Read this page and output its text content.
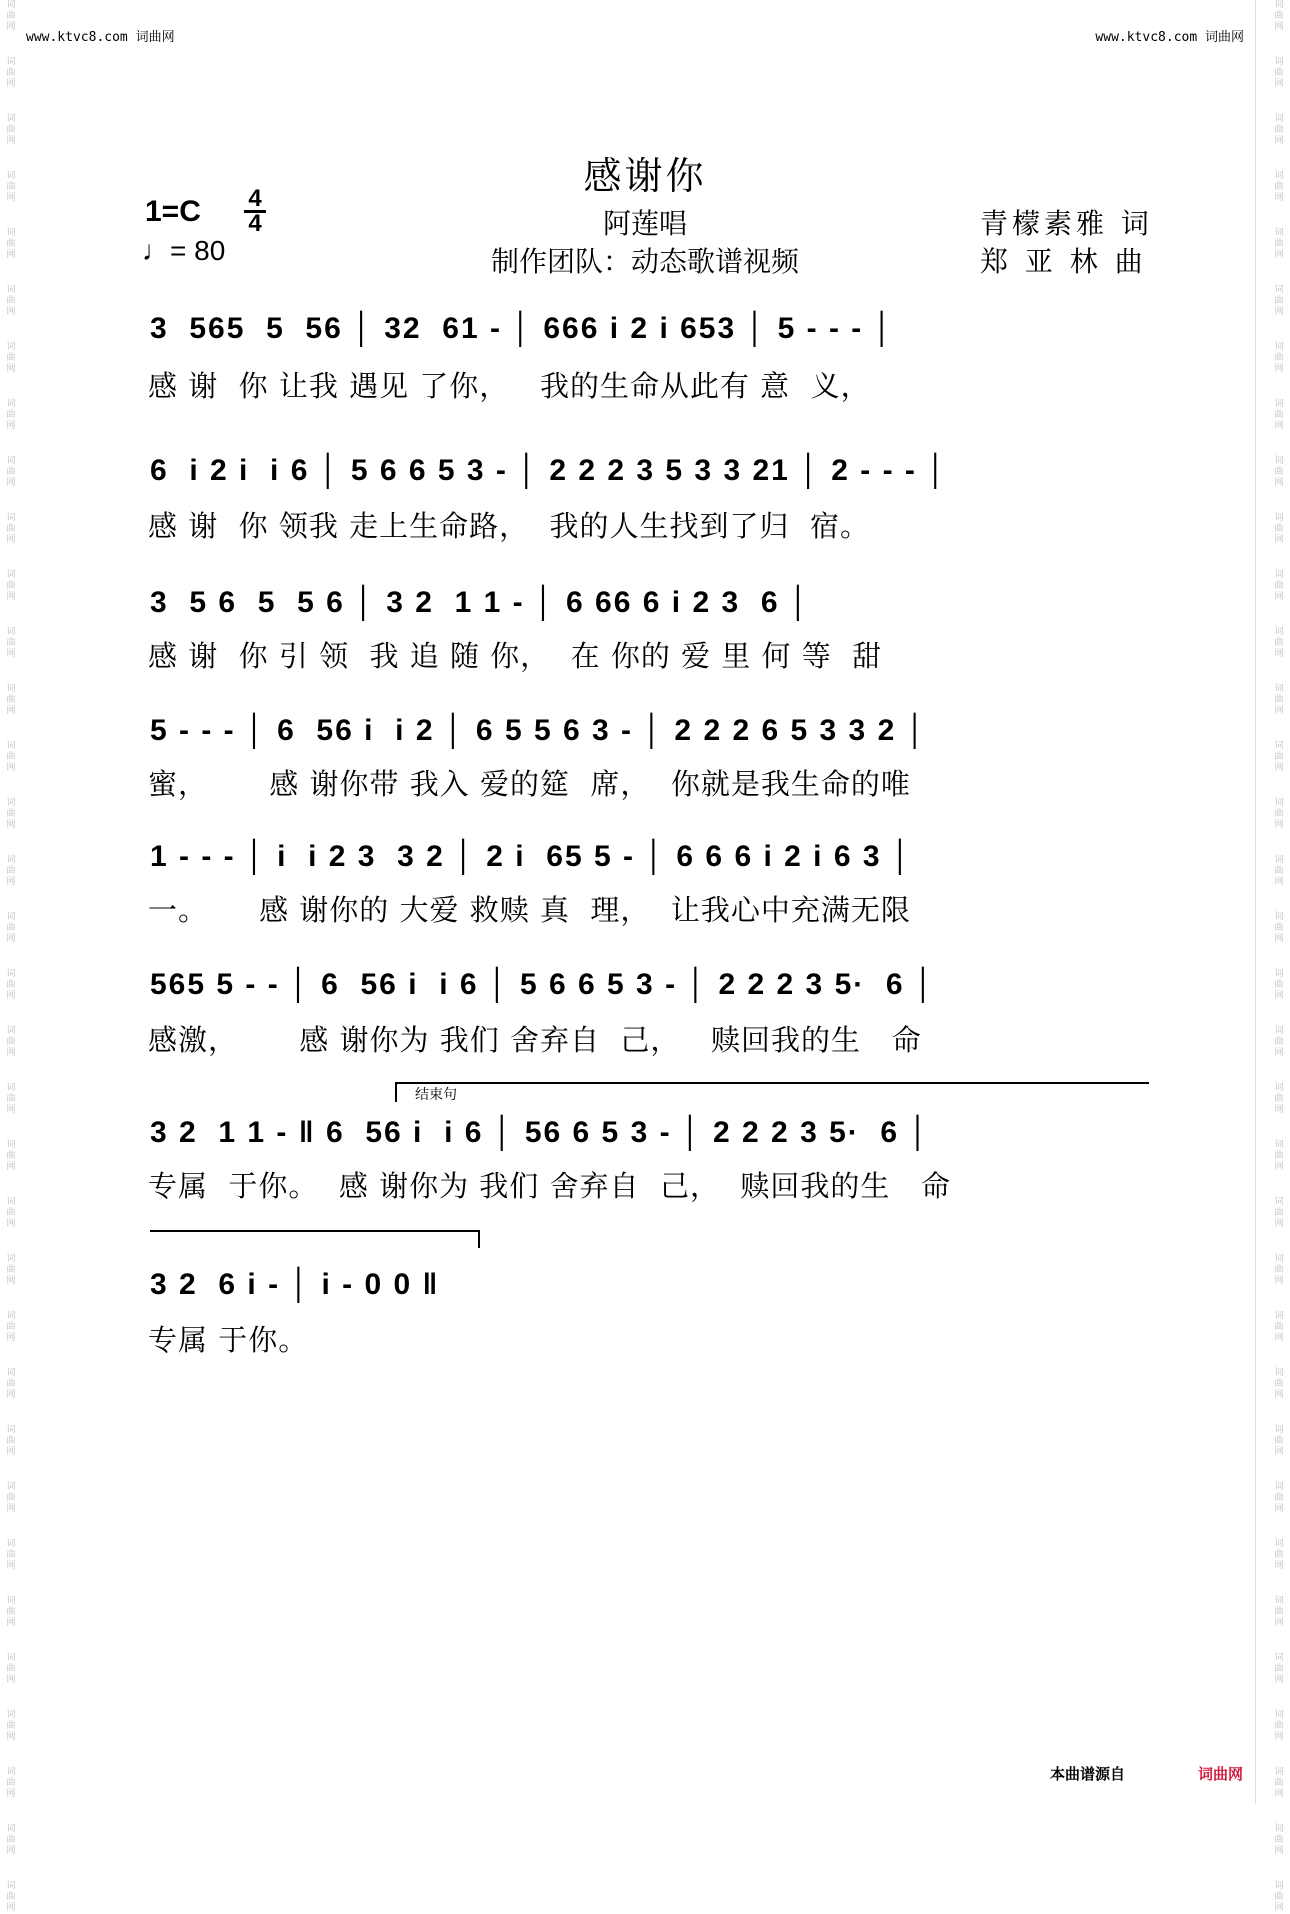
词
曲
网
词
曲
网
词
曲
网
词
曲
网
词
曲
网
词
曲
网
词
曲
网
词
曲
网
词
曲
网
词
曲
网
词
曲
网
词
曲
网
词
曲
网
词
曲
网
词
曲
网
词
曲
网
词
曲
网
词
曲
网
词
曲
网
词
曲
网
词
曲
网
词
曲
网
词
曲
网
词
曲
网
词
曲
网
词
曲
网
词
曲
网
词
曲
网
词
曲
网
词
曲
网
词
曲
网
词
曲
网
词
曲
网
词
曲
网
词
曲
网
词
曲
网
词
曲
网
词
曲
网
词
曲
网
词
曲
网
词
曲
网
词
曲
网
词
曲
网
词
曲
网
词
曲
网
词
曲
网
词
曲
网
词
曲
网
词
曲
网
词
曲
网
词
曲
网
词
曲
网
词
曲
网
词
曲
网
词
曲
网
词
曲
网
词
曲
网
词
曲
网
词
曲
网
词
曲
网
词
曲
网
词
曲
网
词
曲
网
词
曲
网
词
曲
网
词
曲
网
词
曲
网
词
曲
网
www.ktvc8.com 词曲网	www.ktvc8.com 词曲网
感谢你
1=C 4
4
♩= 80
阿莲唱
制作团队：动态歌谱视频
青檬素雅 词
郑 亚 林 曲
3  565  5  56 │ 32  61 - │ 666 i 2 i 653 │ 5 - - - │
感 谢  你 让我 遇见 了你，   我的生命从此有 意  义，
6  i 2 i  i 6 │ 5 6 6 5 3 - │ 2 2 2 3 5 3 3 21 │ 2 - - - │
感 谢  你 领我 走上生命路，  我的人生找到了归  宿。
3  5 6  5  5 6 │ 3 2  1 1 - │ 6 66 6 i 2 3  6 │
感 谢  你 引 领  我 追 随 你，  在 你的 爱 里 何 等  甜
5 - - - │ 6  56 i  i 2 │ 6 5 5 6 3 - │ 2 2 2 6 5 3 3 2 │
蜜，      感 谢你带 我入 爱的筵  席，  你就是我生命的唯
1 - - - │ i  i 2 3  3 2 │ 2 i  65 5 - │ 6 6 6 i 2 i 6 3 │
一。     感 谢你的 大爱 救赎 真  理，  让我心中充满无限
565 5 - - │ 6  56 i  i 6 │ 5 6 6 5 3 - │ 2 2 2 3 5·  6 │
感激，      感 谢你为 我们 舍弃自  己，   赎回我的生   命
结束句
3 2  1 1 - ‖ 6  56 i  i 6 │ 56 6 5 3 - │ 2 2 2 3 5·  6 │
专属  于你。  感 谢你为 我们 舍弃自  己，  赎回我的生   命
3 2  6 i - │ i - 0 0 ‖
专属 于你。
本曲谱源自	词曲网
